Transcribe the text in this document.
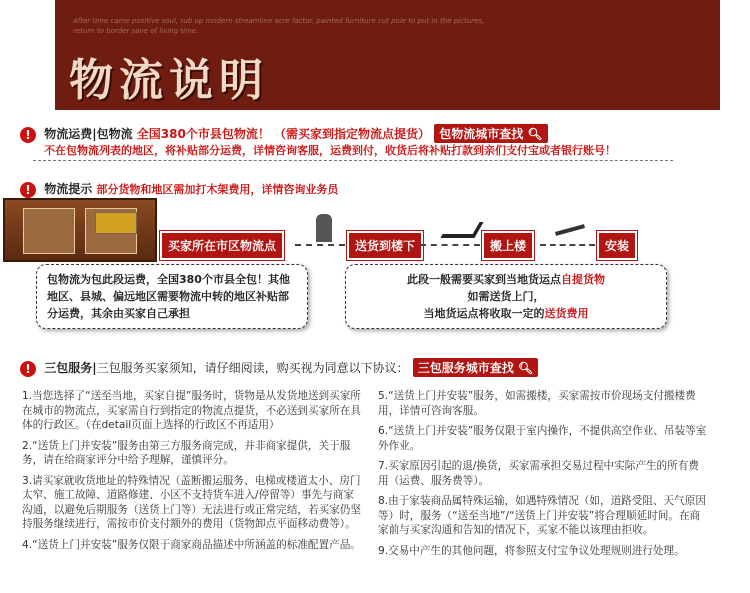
After time came positive soul, rub up modern streamline acre factor, painted furniture cut pole to put in the pictures, return to border save of living time.
物流说明
! 物流运费|包物流 全国380个市县包物流！ （需买家到指定物流点提货） 包物流城市查找 🔍︎
不在包物流列表的地区，将补贴部分运费，详情咨询客服，运费到付，收货后将补贴打款到亲们支付宝或者银行账号！
! 物流提示 部分货物和地区需加打木架费用，详情咨询业务员
买家所在市区物流点	送货到楼下	搬上楼	安装
包物流为包此段运费，全国380个市县全包！其他地区、县城、偏远地区需要物流中转的地区补贴部分运费，其余由买家自己承担
此段一般需要买家到当地货运点自提货物
如需送货上门，
当地货运点将收取一定的送货费用
! 三包服务|三包服务买家须知，请仔细阅读，购买视为同意以下协议： 三包服务城市查找 🔍︎

1.当您选择了“送至当地，买家自提”服务时，货物是从发货地送到买家所在城市的物流点，买家需自行到指定的物流点提货，不必送到买家所在具体的行政区。（在detail页面上选择的行政区不再适用）

2.“送货上门并安装”服务由第三方服务商完成，并非商家提供，关于服务，请在给商家评分中给予理解，谨慎评分。

3.请买家就收货地址的特殊情况（盖断搬运服务、电梯或楼道太小、房门太窄、施工故障、道路修建、小区不支持货车进入/停留等）事先与商家沟通，以避免后期服务（送货上门等）无法进行或正常完结，若买家仍坚持服务继续进行，需按市价支付额外的费用（货物卸点平面移动费等）。

4.“送货上门并安装”服务仅限于商家商品描述中所涵盖的标准配置产品。

5.“送货上门并安装”服务，如需搬楼，买家需按市价现场支付搬楼费用，详情可咨询客服。

6.“送货上门并安装”服务仅限于室内操作，不提供高空作业、吊装等室外作业。

7.买家原因引起的退/换货，买家需承担交易过程中实际产生的所有费用（运费、服务费等）。

8.由于家装商品属特殊运输，如遇特殊情况（如，道路受阻、天气原因等）时，服务（“送至当地”/“送货上门并安装”将合理顺延时间。在商家前与买家沟通和告知的情况下，买家不能以该理由拒收。

9.交易中产生的其他问题，将参照支付宝争议处理规则进行处理。
